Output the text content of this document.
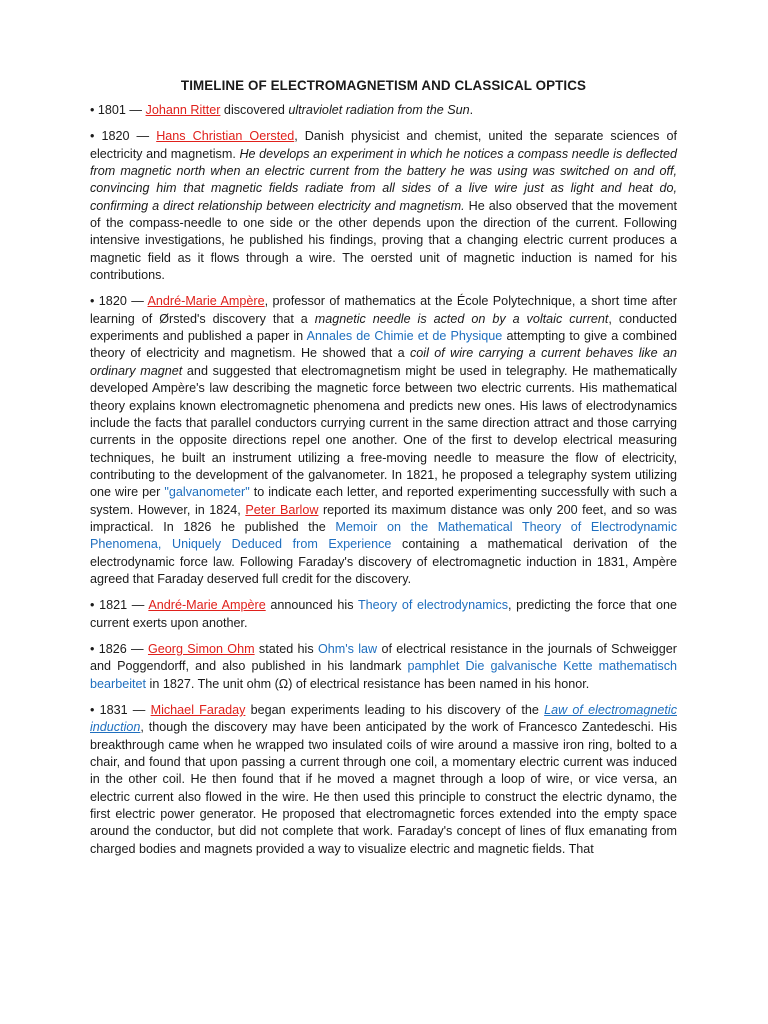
TIMELINE OF ELECTROMAGNETISM AND CLASSICAL OPTICS

• 1801 — Johann Ritter discovered ultraviolet radiation from the Sun.

• 1820 — Hans Christian Oersted, Danish physicist and chemist, united the separate sciences of electricity and magnetism. He develops an experiment in which he notices a compass needle is deflected from magnetic north when an electric current from the battery he was using was switched on and off, convincing him that magnetic fields radiate from all sides of a live wire just as light and heat do, confirming a direct relationship between electricity and magnetism. He also observed that the movement of the compass-needle to one side or the other depends upon the direction of the current. Following intensive investigations, he published his findings, proving that a changing electric current produces a magnetic field as it flows through a wire. The oersted unit of magnetic induction is named for his contributions.

• 1820 — André-Marie Ampère, professor of mathematics at the École Polytechnique, a short time after learning of Ørsted's discovery that a magnetic needle is acted on by a voltaic current, conducted experiments and published a paper in Annales de Chimie et de Physique attempting to give a combined theory of electricity and magnetism. He showed that a coil of wire carrying a current behaves like an ordinary magnet and suggested that electromagnetism might be used in telegraphy. He mathematically developed Ampère's law describing the magnetic force between two electric currents. His mathematical theory explains known electromagnetic phenomena and predicts new ones. His laws of electrodynamics include the facts that parallel conductors currying current in the same direction attract and those carrying currents in the opposite directions repel one another. One of the first to develop electrical measuring techniques, he built an instrument utilizing a free-moving needle to measure the flow of electricity, contributing to the development of the galvanometer. In 1821, he proposed a telegraphy system utilizing one wire per "galvanometer" to indicate each letter, and reported experimenting successfully with such a system. However, in 1824, Peter Barlow reported its maximum distance was only 200 feet, and so was impractical. In 1826 he published the Memoir on the Mathematical Theory of Electrodynamic Phenomena, Uniquely Deduced from Experience containing a mathematical derivation of the electrodynamic force law. Following Faraday's discovery of electromagnetic induction in 1831, Ampère agreed that Faraday deserved full credit for the discovery.

• 1821 — André-Marie Ampère announced his Theory of electrodynamics, predicting the force that one current exerts upon another.

• 1826 — Georg Simon Ohm stated his Ohm's law of electrical resistance in the journals of Schweigger and Poggendorff, and also published in his landmark pamphlet Die galvanische Kette mathematisch bearbeitet in 1827. The unit ohm (Ω) of electrical resistance has been named in his honor.

• 1831 — Michael Faraday began experiments leading to his discovery of the Law of electromagnetic induction, though the discovery may have been anticipated by the work of Francesco Zantedeschi. His breakthrough came when he wrapped two insulated coils of wire around a massive iron ring, bolted to a chair, and found that upon passing a current through one coil, a momentary electric current was induced in the other coil. He then found that if he moved a magnet through a loop of wire, or vice versa, an electric current also flowed in the wire. He then used this principle to construct the electric dynamo, the first electric power generator. He proposed that electromagnetic forces extended into the empty space around the conductor, but did not complete that work. Faraday's concept of lines of flux emanating from charged bodies and magnets provided a way to visualize electric and magnetic fields. That
